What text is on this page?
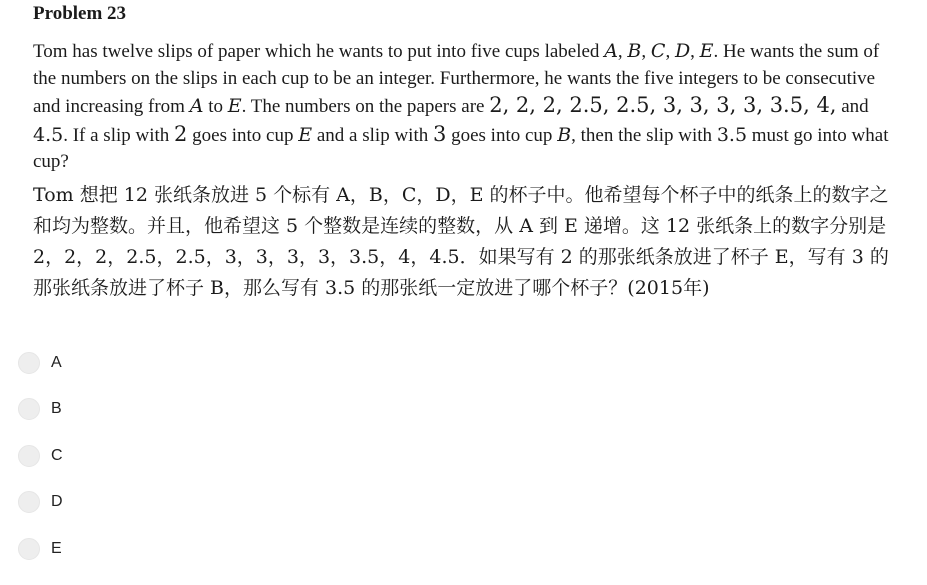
Problem 23
Tom has twelve slips of paper which he wants to put into five cups labeled A, B, C, D, E. He wants the sum of the numbers on the slips in each cup to be an integer. Furthermore, he wants the five integers to be consecutive and increasing from A to E. The numbers on the papers are 2, 2, 2, 2.5, 2.5, 3, 3, 3, 3, 3.5, 4, and 4.5. If a slip with 2 goes into cup E and a slip with 3 goes into cup B, then the slip with 3.5 must go into what cup?
Tom 想把 12 张纸条放进 5 个标有 A，B，C，D，E 的杯子中。他希望每个杯子中的纸条上的数字之和均为整数。并且，他希望这 5 个整数是连续的整数，从 A 到 E 递增。这 12 张纸条上的数字分别是 2，2，2，2.5，2.5，3，3，3，3，3.5，4，4.5．如果写有 2 的那张纸条放进了杯子 E，写有 3 的那张纸条放进了杯子 B，那么写有 3.5 的那张纸一定放进了哪个杯子？(2015年)
A
B
C
D
E
